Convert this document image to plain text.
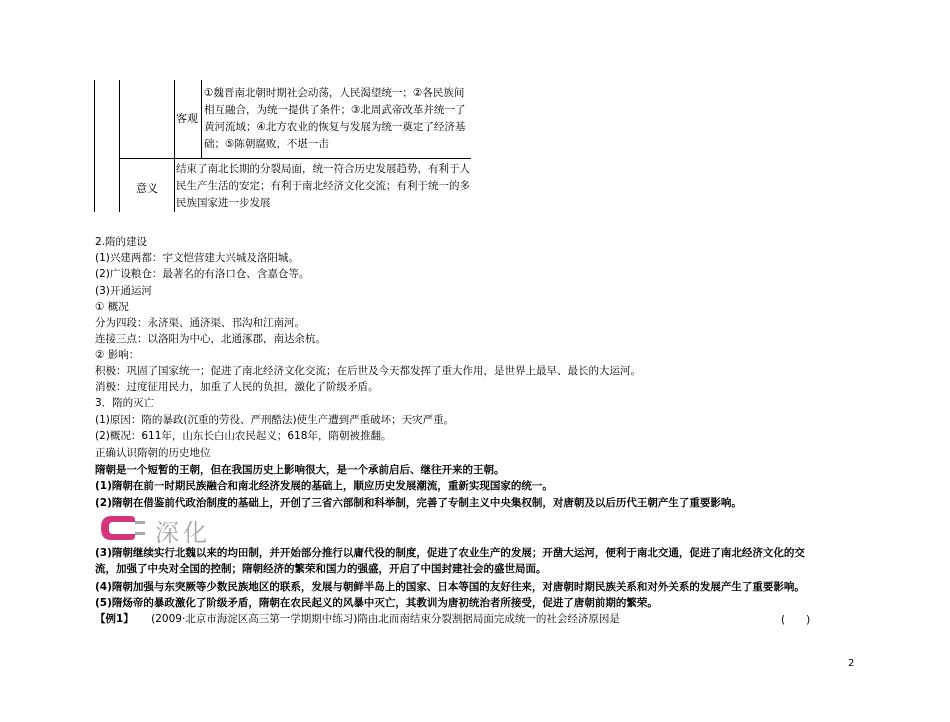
客观
①魏晋南北朝时期社会动荡，人民渴望统一；②各民族间相互融合，为统一提供了条件；③北周武帝改革并统一了黄河流域；④北方农业的恢复与发展为统一奠定了经济基础；⑤陈朝腐败，不堪一击
意义
结束了南北长期的分裂局面，统一符合历史发展趋势，有利于人民生产生活的安定；有利于南北经济文化交流；有利于统一的多民族国家进一步发展
2.隋的建设
(1)兴建两都：宇文恺营建大兴城及洛阳城。
(2)广设粮仓：最著名的有洛口仓、含嘉仓等。
(3)开通运河
① 概况
分为四段：永济渠、通济渠、邗沟和江南河。
连接三点：以洛阳为中心，北通涿郡，南达余杭。
② 影响：
积极：巩固了国家统一；促进了南北经济文化交流；在后世及今天都发挥了重大作用，是世界上最早、最长的大运河。
消极：过度征用民力，加重了人民的负担，激化了阶级矛盾。
3．隋的灭亡
(1)原因：隋的暴政(沉重的劳役、严刑酷法)使生产遭到严重破坏；天灾严重。
(2)概况：611年，山东长白山农民起义；618年，隋朝被推翻。
正确认识隋朝的历史地位
隋朝是一个短暂的王朝，但在我国历史上影响很大，是一个承前启后、继往开来的王朝。
(1)隋朝在前一时期民族融合和南北经济发展的基础上，顺应历史发展潮流，重新实现国家的统一。
(2)隋朝在借鉴前代政治制度的基础上，开创了三省六部制和科举制，完善了专制主义中央集权制，对唐朝及以后历代王朝产生了重要影响。
深化
(3)隋朝继续实行北魏以来的均田制，并开始部分推行以庸代役的制度，促进了农业生产的发展；开凿大运河，便利于南北交通，促进了南北经济文化的交流，加强了中央对全国的控制；隋朝经济的繁荣和国力的强盛，开启了中国封建社会的盛世局面。
(4)隋朝加强与东突厥等少数民族地区的联系，发展与朝鲜半岛上的国家、日本等国的友好往来，对唐朝时期民族关系和对外关系的发展产生了重要影响。
(5)隋炀帝的暴政激化了阶级矛盾，隋朝在农民起义的风暴中灭亡，其教训为唐初统治者所接受，促进了唐朝前期的繁荣。
【例1】 (2009·北京市海淀区高三第一学期期中练习)隋由北而南结束分裂割据局面完成统一的社会经济原因是	(　　)
2
